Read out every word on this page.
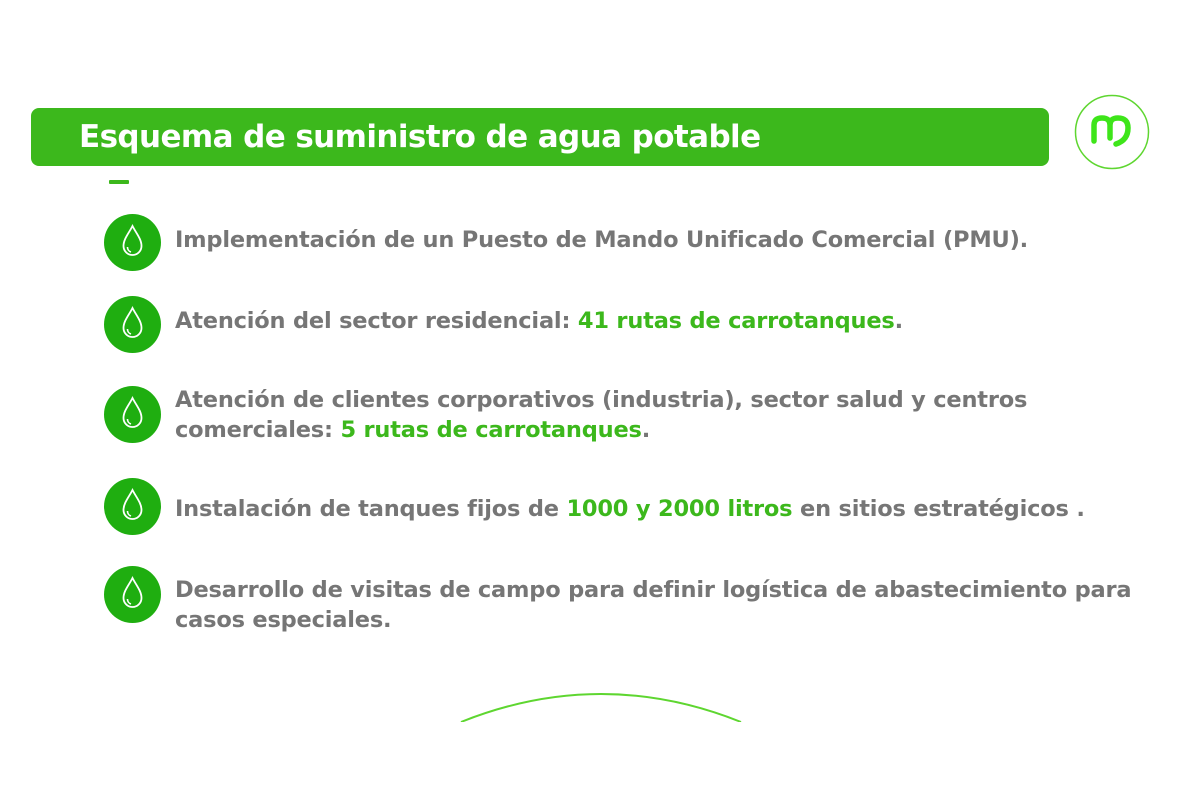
Esquema de suministro de agua potable
Implementación de un Puesto de Mando Unificado Comercial (PMU).
Atención del sector residencial: 41 rutas de carrotanques.
Atención de clientes corporativos (industria), sector salud y centros comerciales: 5 rutas de carrotanques.
Instalación de tanques fijos de 1000 y 2000 litros en sitios estratégicos .
Desarrollo de visitas de campo para definir logística de abastecimiento para casos especiales.
